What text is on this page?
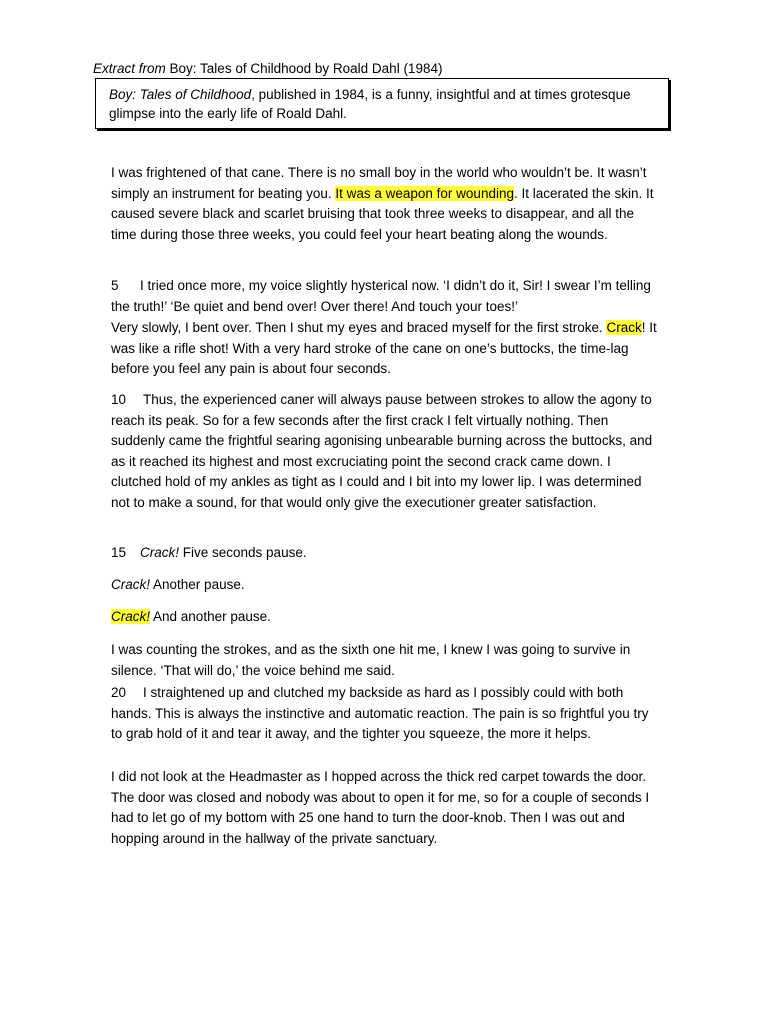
Extract from Boy: Tales of Childhood by Roald Dahl (1984)
Boy: Tales of Childhood, published in 1984, is a funny, insightful and at times grotesque glimpse into the early life of Roald Dahl.

I was frightened of that cane. There is no small boy in the world who wouldn’t be. It wasn’t simply an instrument for beating you. It was a weapon for wounding. It lacerated the skin. It caused severe black and scarlet bruising that took three weeks to disappear, and all the time during those three weeks, you could feel your heart beating along the wounds.

5 I tried once more, my voice slightly hysterical now. ‘I didn’t do it, Sir! I swear I’m telling the truth!’ ‘Be quiet and bend over! Over there! And touch your toes!’

Very slowly, I bent over. Then I shut my eyes and braced myself for the first stroke. Crack! It was like a rifle shot! With a very hard stroke of the cane on one’s buttocks, the time-lag before you feel any pain is about four seconds.

10 Thus, the experienced caner will always pause between strokes to allow the agony to reach its peak. So for a few seconds after the first crack I felt virtually nothing. Then suddenly came the frightful searing agonising unbearable burning across the buttocks, and as it reached its highest and most excruciating point the second crack came down. I clutched hold of my ankles as tight as I could and I bit into my lower lip. I was determined not to make a sound, for that would only give the executioner greater satisfaction.

15 Crack! Five seconds pause.

Crack! Another pause.

Crack! And another pause.

I was counting the strokes, and as the sixth one hit me, I knew I was going to survive in silence. ‘That will do,’ the voice behind me said.

20 I straightened up and clutched my backside as hard as I possibly could with both hands. This is always the instinctive and automatic reaction. The pain is so frightful you try to grab hold of it and tear it away, and the tighter you squeeze, the more it helps.

I did not look at the Headmaster as I hopped across the thick red carpet towards the door. The door was closed and nobody was about to open it for me, so for a couple of seconds I had to let go of my bottom with 25 one hand to turn the door-knob. Then I was out and hopping around in the hallway of the private sanctuary.
